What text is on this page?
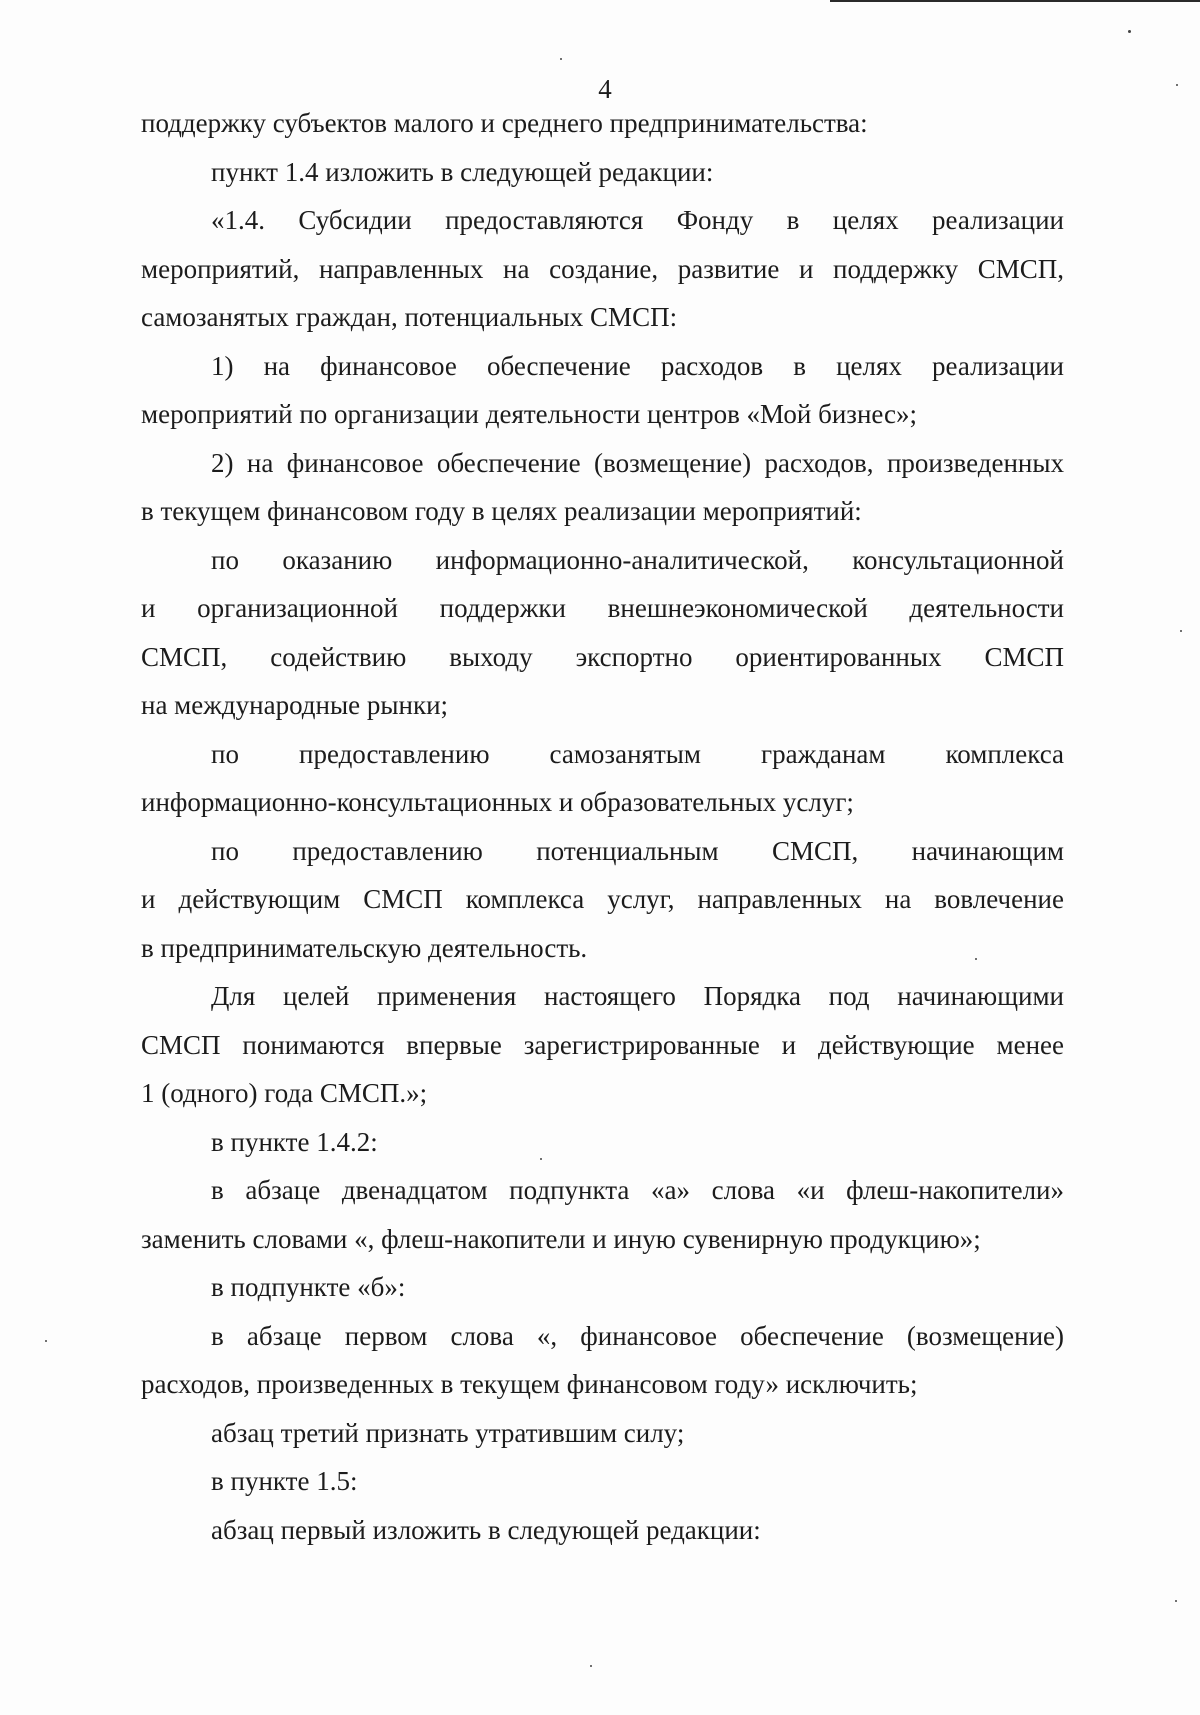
4
поддержку субъектов малого и среднего предпринимательства:
пункт 1.4 изложить в следующей редакции:
«1.4. Субсидии предоставляются Фонду в целях реализации
мероприятий, направленных на создание, развитие и поддержку СМСП,
самозанятых граждан, потенциальных СМСП:
1) на финансовое обеспечение расходов в целях реализации
мероприятий по организации деятельности центров «Мой бизнес»;
2) на финансовое обеспечение (возмещение) расходов, произведенных
в текущем финансовом году в целях реализации мероприятий:
по оказанию информационно-аналитической, консультационной
и организационной поддержки внешнеэкономической деятельности
СМСП, содействию выходу экспортно ориентированных СМСП
на международные рынки;
по предоставлению самозанятым гражданам комплекса
информационно-консультационных и образовательных услуг;
по предоставлению потенциальным СМСП, начинающим
и действующим СМСП комплекса услуг, направленных на вовлечение
в предпринимательскую деятельность.
Для целей применения настоящего Порядка под начинающими
СМСП понимаются впервые зарегистрированные и действующие менее
1 (одного) года СМСП.»;
в пункте 1.4.2:
в абзаце двенадцатом подпункта «а» слова «и флеш-накопители»
заменить словами «, флеш-накопители и иную сувенирную продукцию»;
в подпункте «б»:
в абзаце первом слова «, финансовое обеспечение (возмещение)
расходов, произведенных в текущем финансовом году» исключить;
абзац третий признать утратившим силу;
в пункте 1.5:
абзац первый изложить в следующей редакции:
